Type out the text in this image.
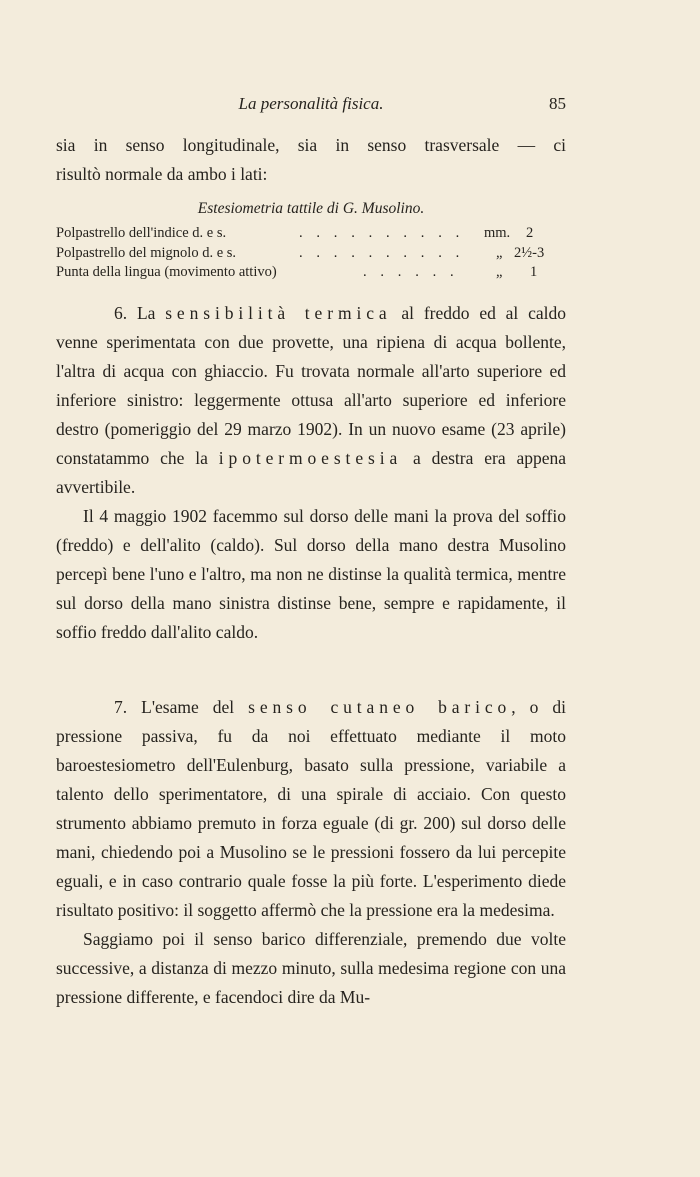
La personalità fisica.	85

sia in senso longitudinale, sia in senso trasversale — ci

risultò normale da ambo i lati:

Estesiometria tattile di G. Musolino.
Polpastrello dell'indice d. e s.	. . . . . . . . . . mm. 2
Polpastrello del mignolo d. e s.	. . . . . . . . . . „ 2½-3
Punta della lingua (movimento attivo)	. . . . . .	„ 1

6. La sensibilità termica al freddo ed al caldo venne sperimentata con due provette, una ripiena di acqua bollente, l'altra di acqua con ghiaccio. Fu trovata normale all'arto superiore ed inferiore sinistro: leggermente ottusa all'arto superiore ed inferiore destro (pomeriggio del 29 marzo 1902). In un nuovo esame (23 aprile) constatammo che la ipotermoestesia a destra era appena avvertibile.

Il 4 maggio 1902 facemmo sul dorso delle mani la prova del soffio (freddo) e dell'alito (caldo). Sul dorso della mano destra Musolino percepì bene l'uno e l'altro, ma non ne distinse la qualità termica, mentre sul dorso della mano sinistra distinse bene, sempre e rapidamente, il soffio freddo dall'alito caldo.

7. L'esame del senso cutaneo barico, o di pressione passiva, fu da noi effettuato mediante il moto baroestesiometro dell'Eulenburg, basato sulla pressione, variabile a talento dello sperimentatore, di una spirale di acciaio. Con questo strumento abbiamo premuto in forza eguale (di gr. 200) sul dorso delle mani, chiedendo poi a Musolino se le pressioni fossero da lui percepite eguali, e in caso contrario quale fosse la più forte. L'esperimento diede risultato positivo: il soggetto affermò che la pressione era la medesima.

Saggiamo poi il senso barico differenziale, premendo due volte successive, a distanza di mezzo minuto, sulla medesima regione con una pressione differente, e facendoci dire da Mu-
